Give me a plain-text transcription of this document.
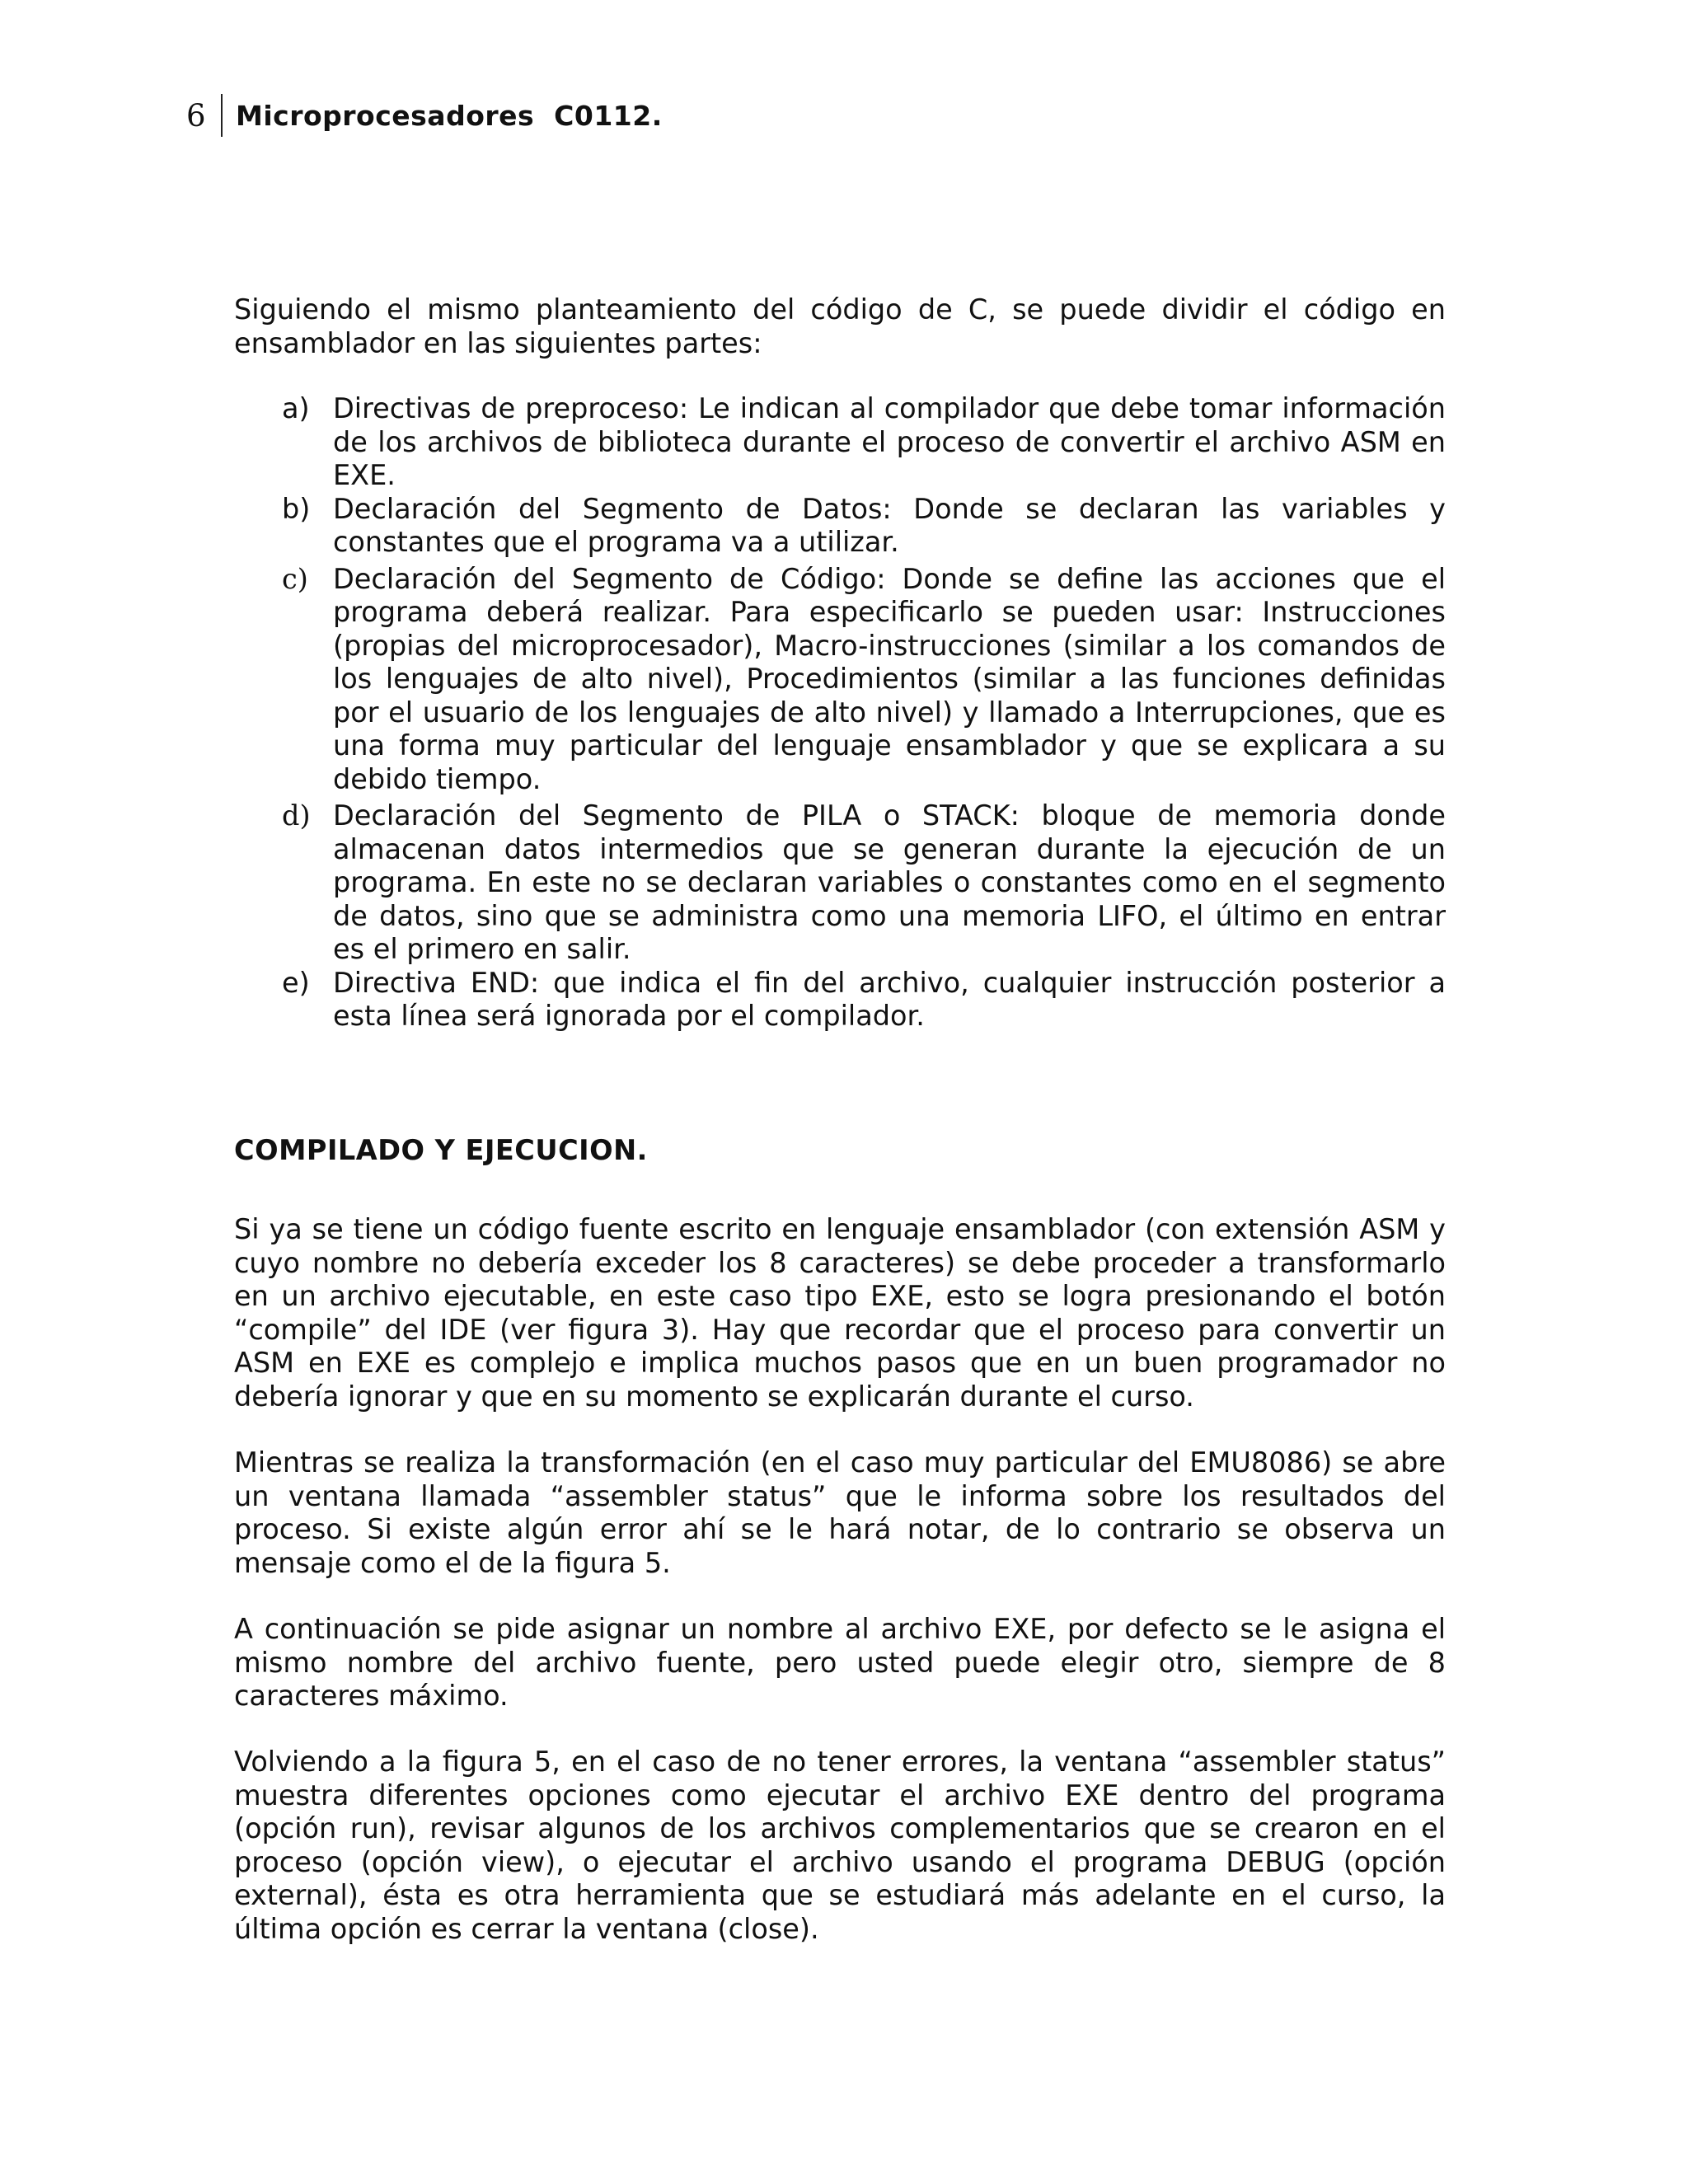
6	Microprocesadores  C0112.

Siguiendo el mismo planteamiento del código de C, se puede dividir el código en ensamblador en las siguientes partes:

a) Directivas de preproceso: Le indican al compilador que debe tomar información de los archivos de biblioteca durante el proceso de convertir el archivo ASM en EXE.
b) Declaración del Segmento de Datos: Donde se declaran las variables y constantes que el programa va a utilizar.
c) Declaración del Segmento de Código: Donde se define las acciones que el programa deberá realizar. Para especificarlo se pueden usar: Instrucciones (propias del microprocesador), Macro-instrucciones (similar a los comandos de los lenguajes de alto nivel), Procedimientos (similar a las funciones definidas por el usuario de los lenguajes de alto nivel) y llamado a Interrupciones, que es una forma muy particular del lenguaje ensamblador y que se explicara a su debido tiempo.
d) Declaración del Segmento de PILA o STACK: bloque de memoria donde almacenan datos intermedios que se generan durante la ejecución de un programa. En este no se declaran variables o constantes como en el segmento de datos, sino que se administra como una memoria LIFO, el último en entrar es el primero en salir.
e) Directiva END: que indica el fin del archivo, cualquier instrucción posterior a esta línea será ignorada por el compilador.
COMPILADO Y EJECUCION.

Si ya se tiene un código fuente escrito en lenguaje ensamblador (con extensión ASM y cuyo nombre no debería exceder los 8 caracteres) se debe proceder a transformarlo en un archivo ejecutable, en este caso tipo EXE, esto se logra presionando el botón “compile” del IDE (ver figura 3). Hay que recordar que el proceso para convertir un ASM en EXE es complejo e implica muchos pasos que en un buen programador no debería ignorar y que en su momento se explicarán durante el curso.

Mientras se realiza la transformación (en el caso muy particular del EMU8086) se abre un ventana llamada “assembler status” que le informa sobre los resultados del proceso. Si existe algún error ahí se le hará notar, de lo contrario se observa un mensaje como el de la figura 5.

A continuación se pide asignar un nombre al archivo EXE, por defecto se le asigna el mismo nombre del archivo fuente, pero usted puede elegir otro, siempre de 8 caracteres máximo.

Volviendo a la figura 5, en el caso de no tener errores, la ventana “assembler status” muestra diferentes opciones como ejecutar el archivo EXE dentro del programa (opción run), revisar algunos de los archivos complementarios que se crearon en el proceso (opción view), o ejecutar el archivo usando el programa DEBUG (opción external), ésta es otra herramienta que se estudiará más adelante en el curso, la última opción es cerrar la ventana (close).
